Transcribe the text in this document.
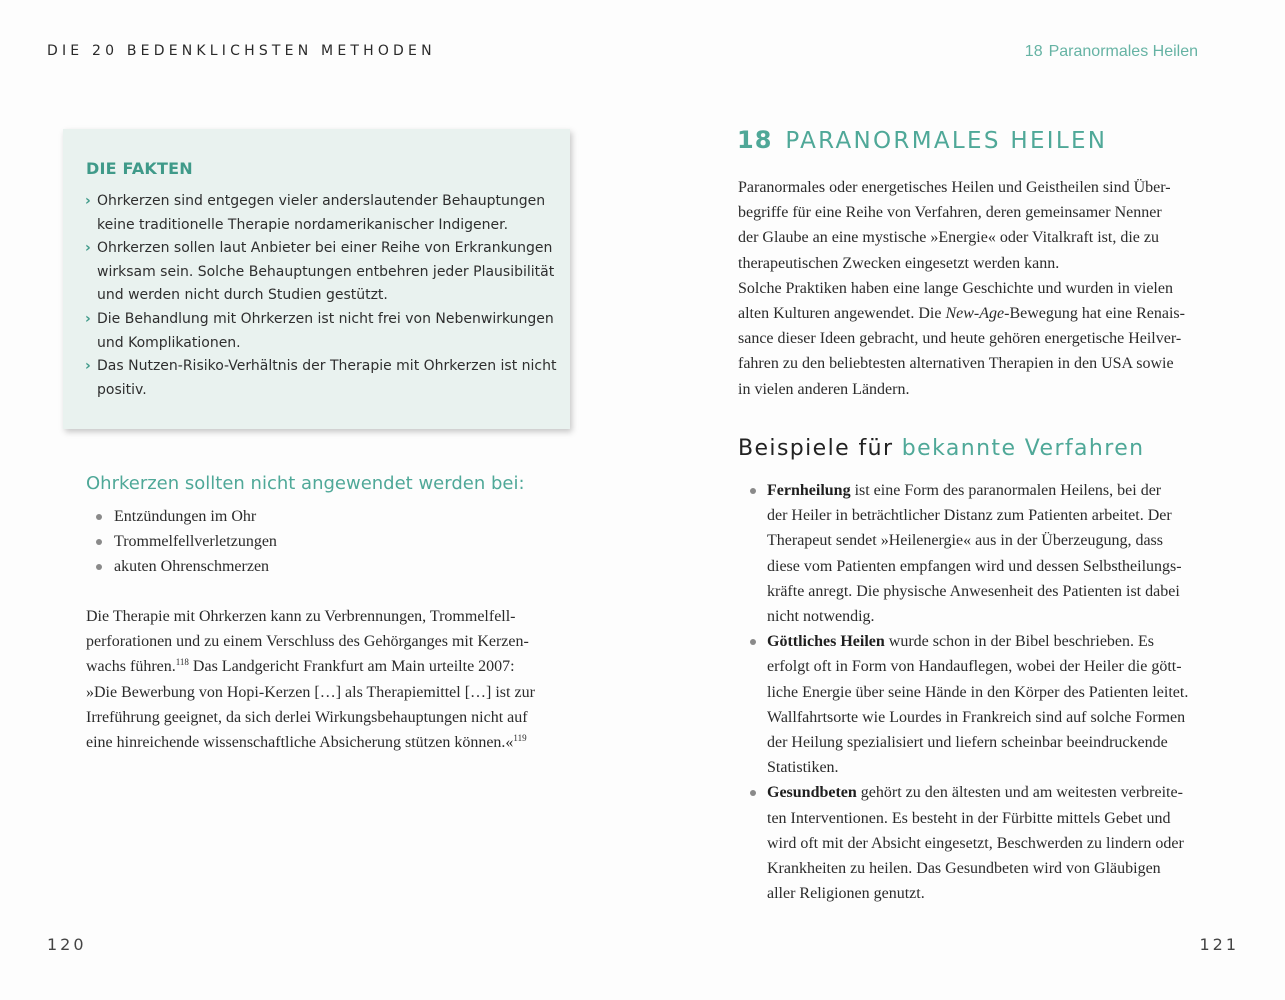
DIE 20 BEDENKLICHSTEN METHODEN	18 Paranormales Heilen
DIE FAKTEN
› Ohrkerzen sind entgegen vieler anderslautender Behauptungen
keine traditionelle Therapie nordamerikanischer Indigener.
› Ohrkerzen sollen laut Anbieter bei einer Reihe von Erkrankungen
wirksam sein. Solche Behauptungen entbehren jeder Plausibilität
und werden nicht durch Studien gestützt.
› Die Behandlung mit Ohrkerzen ist nicht frei von Nebenwirkungen
und Komplikationen.
› Das Nutzen-Risiko-Verhältnis der Therapie mit Ohrkerzen ist nicht
positiv.
Ohrkerzen sollten nicht angewendet werden bei:
Entzündungen im Ohr
Trommelfellverletzungen
akuten Ohrenschmerzen
Die Therapie mit Ohrkerzen kann zu Verbrennungen, Trommelfell-
perforationen und zu einem Verschluss des Gehörganges mit Kerzen-
wachs führen.$^{118}$ Das Landgericht Frankfurt am Main urteilte 2007:
»Die Bewerbung von Hopi-Kerzen […] als Therapiemittel […] ist zur
Irreführung geeignet, da sich derlei Wirkungsbehauptungen nicht auf
eine hinreichende wissenschaftliche Absicherung stützen können.«$^{119}$
18 PARANORMALES HEILEN
Paranormales oder energetisches Heilen und Geistheilen sind Über-
begriffe für eine Reihe von Verfahren, deren gemeinsamer Nenner
der Glaube an eine mystische »Energie« oder Vitalkraft ist, die zu
therapeutischen Zwecken eingesetzt werden kann.
Solche Praktiken haben eine lange Geschichte und wurden in vielen
alten Kulturen angewendet. Die New-Age-Bewegung hat eine Renais-
sance dieser Ideen gebracht, und heute gehören energetische Heilver-
fahren zu den beliebtesten alternativen Therapien in den USA sowie
in vielen anderen Ländern.
Beispiele für bekannte Verfahren
Fernheilung ist eine Form des paranormalen Heilens, bei der
der Heiler in beträchtlicher Distanz zum Patienten arbeitet. Der
Therapeut sendet »Heilenergie« aus in der Überzeugung, dass
diese vom Patienten empfangen wird und dessen Selbstheilungs-
kräfte anregt. Die physische Anwesenheit des Patienten ist dabei
nicht notwendig.
Göttliches Heilen wurde schon in der Bibel beschrieben. Es
erfolgt oft in Form von Handauflegen, wobei der Heiler die gött-
liche Energie über seine Hände in den Körper des Patienten leitet.
Wallfahrtsorte wie Lourdes in Frankreich sind auf solche Formen
der Heilung spezialisiert und liefern scheinbar beeindruckende
Statistiken.
Gesundbeten gehört zu den ältesten und am weitesten verbreite-
ten Interventionen. Es besteht in der Fürbitte mittels Gebet und
wird oft mit der Absicht eingesetzt, Beschwerden zu lindern oder
Krankheiten zu heilen. Das Gesundbeten wird von Gläubigen
aller Religionen genutzt.
120	121
